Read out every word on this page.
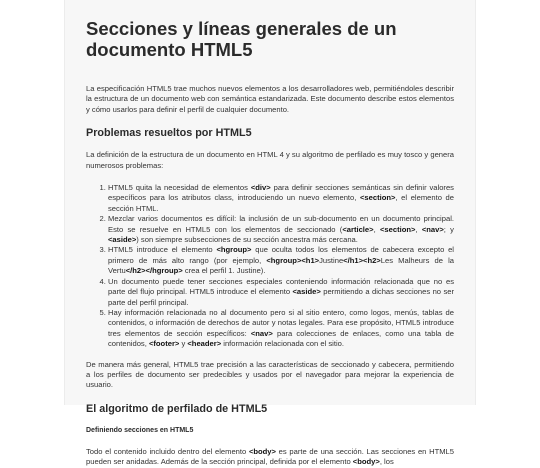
Secciones y líneas generales de un documento HTML5

La especificación HTML5 trae muchos nuevos elementos a los desarrolladores web, permitiéndoles describir la estructura de un documento web con semántica estandarizada. Este documento describe estos elementos y cómo usarlos para definir el perfil de cualquier documento.

Problemas resueltos por HTML5

La definición de la estructura de un documento en HTML 4 y su algoritmo de perfilado es muy tosco y genera numerosos problemas:

1. HTML5 quita la necesidad de elementos <div> para definir secciones semánticas sin definir valores específicos para los atributos class, introduciendo un nuevo elemento, <section>, el elemento de sección HTML.
2. Mezclar varios documentos es difícil: la inclusión de un sub-documento en un documento principal. Esto se resuelve en HTML5 con los elementos de seccionado (<article>, <section>, <nav>; y <aside>) son siempre subsecciones de su sección ancestra más cercana.
3. HTML5 introduce el elemento <hgroup> que oculta todos los elementos de cabecera excepto el primero de más alto rango (por ejemplo, <hgroup><h1>Justine</h1><h2>Les Malheurs de la Vertu</h2></hgroup> crea el perfil 1. Justine).
4. Un documento puede tener secciones especiales conteniendo información relacionada que no es parte del flujo principal. HTML5 introduce el elemento <aside> permitiendo a dichas secciones no ser parte del perfil principal.
5. Hay información relacionada no al documento pero si al sitio entero, como logos, menús, tablas de contenidos, o información de derechos de autor y notas legales. Para ese propósito, HTML5 introduce tres elementos de sección específicos: <nav> para colecciones de enlaces, como una tabla de contenidos, <footer> y <header> información relacionada con el sitio.

De manera más general, HTML5 trae precisión a las características de seccionado y cabecera, permitiendo a los perfiles de documento ser predecibles y usados por el navegador para mejorar la experiencia de usuario.

El algoritmo de perfilado de HTML5
Definiendo secciones en HTML5

Todo el contenido incluido dentro del elemento <body> es parte de una sección. Las secciones en HTML5 pueden ser anidadas. Además de la sección principal, definida por el elemento <body>, los
